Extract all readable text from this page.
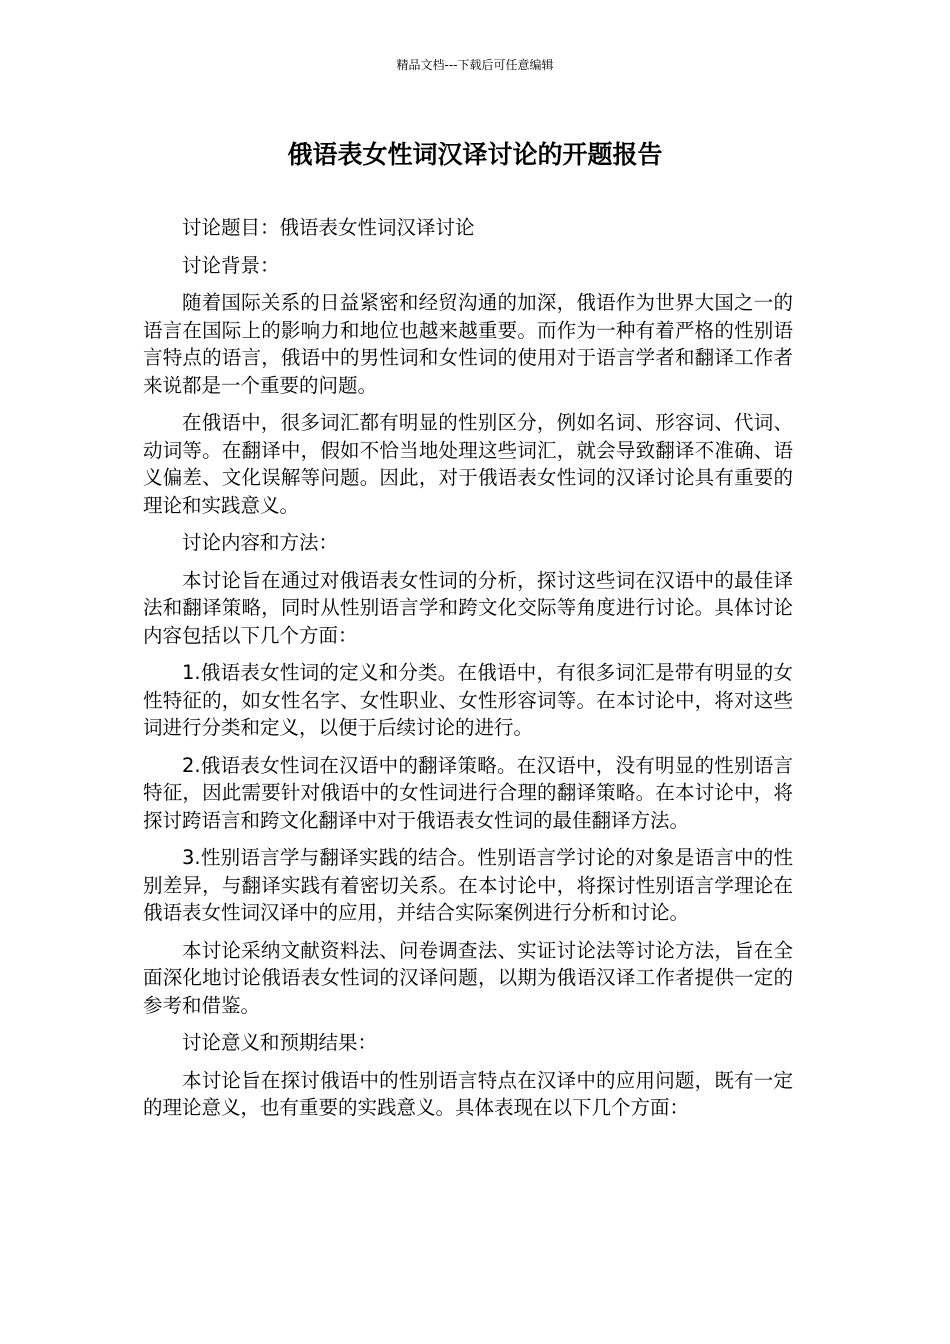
精品文档---下载后可任意编辑
俄语表女性词汉译讨论的开题报告

讨论题目：俄语表女性词汉译讨论

讨论背景：

随着国际关系的日益紧密和经贸沟通的加深，俄语作为世界大国之一的语言在国际上的影响力和地位也越来越重要。而作为一种有着严格的性别语言特点的语言，俄语中的男性词和女性词的使用对于语言学者和翻译工作者来说都是一个重要的问题。

在俄语中，很多词汇都有明显的性别区分，例如名词、形容词、代词、动词等。在翻译中，假如不恰当地处理这些词汇，就会导致翻译不准确、语义偏差、文化误解等问题。因此，对于俄语表女性词的汉译讨论具有重要的理论和实践意义。

讨论内容和方法：

本讨论旨在通过对俄语表女性词的分析，探讨这些词在汉语中的最佳译法和翻译策略，同时从性别语言学和跨文化交际等角度进行讨论。具体讨论内容包括以下几个方面：

1.俄语表女性词的定义和分类。在俄语中，有很多词汇是带有明显的女性特征的，如女性名字、女性职业、女性形容词等。在本讨论中，将对这些词进行分类和定义，以便于后续讨论的进行。

2.俄语表女性词在汉语中的翻译策略。在汉语中，没有明显的性别语言特征，因此需要针对俄语中的女性词进行合理的翻译策略。在本讨论中，将探讨跨语言和跨文化翻译中对于俄语表女性词的最佳翻译方法。

3.性别语言学与翻译实践的结合。性别语言学讨论的对象是语言中的性别差异，与翻译实践有着密切关系。在本讨论中，将探讨性别语言学理论在俄语表女性词汉译中的应用，并结合实际案例进行分析和讨论。

本讨论采纳文献资料法、问卷调查法、实证讨论法等讨论方法，旨在全面深化地讨论俄语表女性词的汉译问题，以期为俄语汉译工作者提供一定的参考和借鉴。

讨论意义和预期结果：

本讨论旨在探讨俄语中的性别语言特点在汉译中的应用问题，既有一定的理论意义，也有重要的实践意义。具体表现在以下几个方面：
